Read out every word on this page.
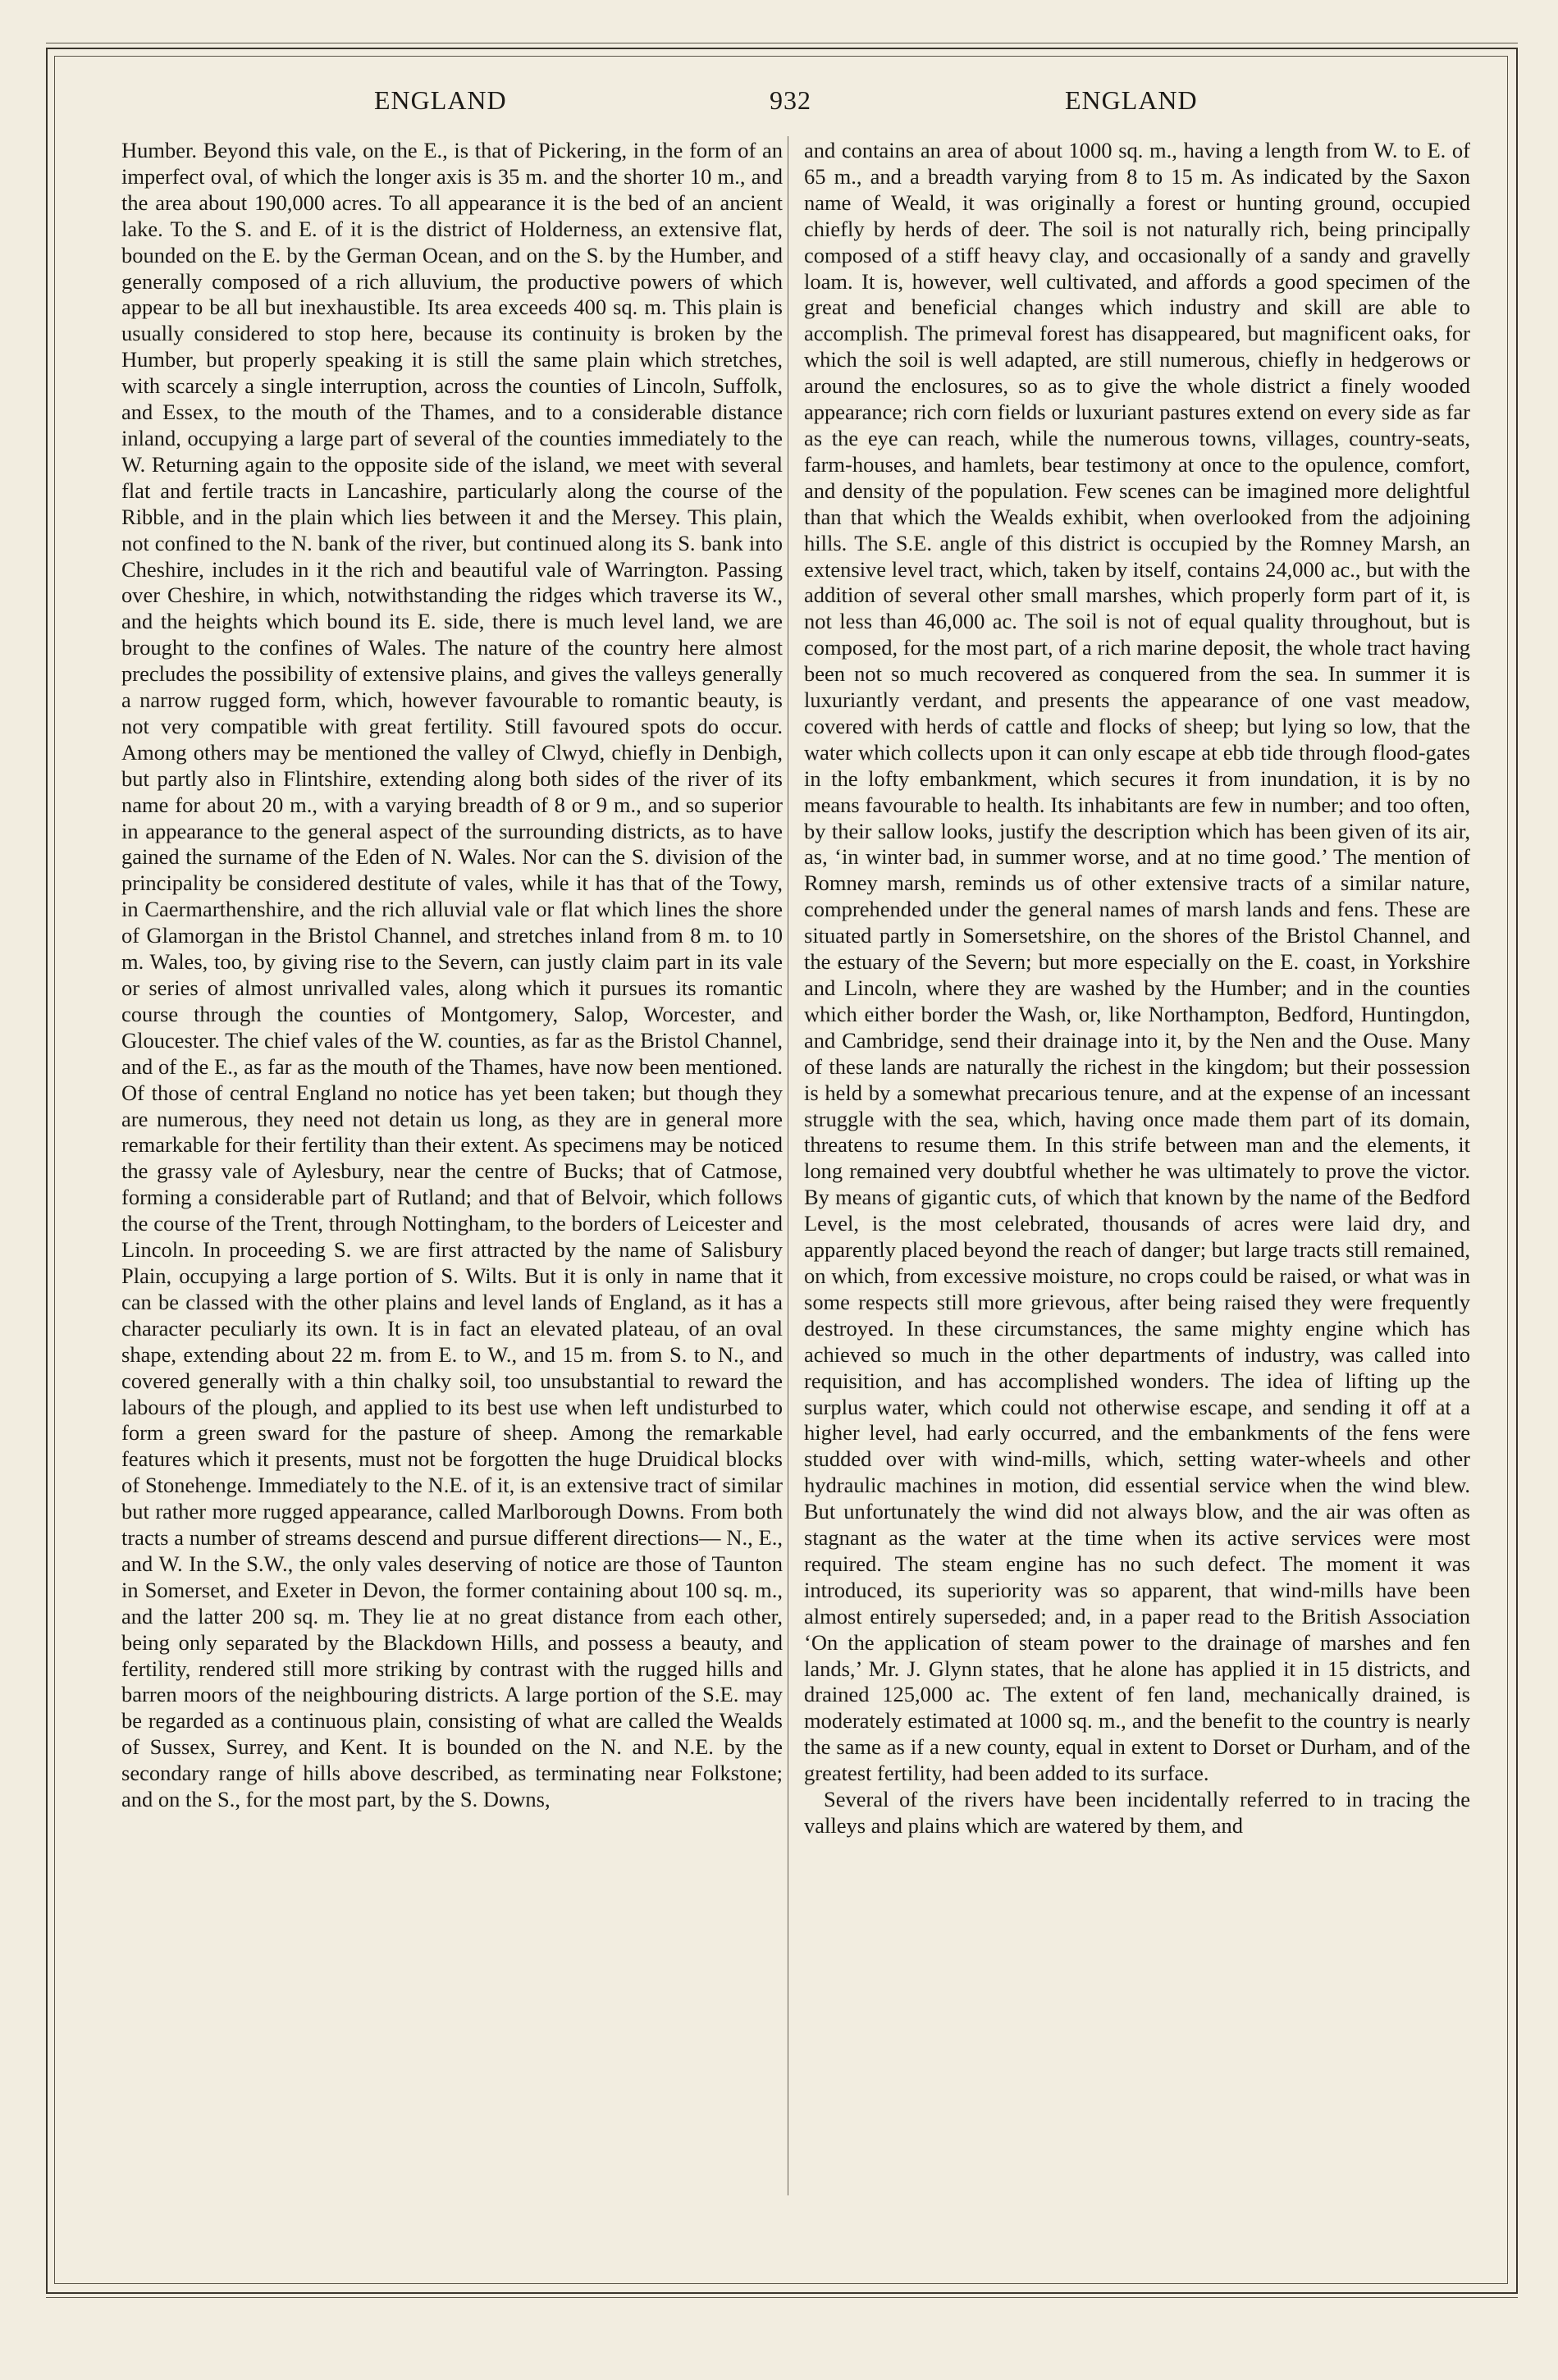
ENGLAND	932	ENGLAND

Humber. Beyond this vale, on the E., is that of Pickering, in the form of an imperfect oval, of which the longer axis is 35 m. and the shorter 10 m., and the area about 190,000 acres. To all appearance it is the bed of an ancient lake. To the S. and E. of it is the district of Holderness, an extensive flat, bounded on the E. by the German Ocean, and on the S. by the Humber, and generally composed of a rich alluvium, the productive powers of which appear to be all but inexhaustible. Its area exceeds 400 sq. m. This plain is usually considered to stop here, because its continuity is broken by the Humber, but properly speaking it is still the same plain which stretches, with scarcely a single interruption, across the counties of Lincoln, Suffolk, and Essex, to the mouth of the Thames, and to a considerable distance inland, occupying a large part of several of the counties immediately to the W. Returning again to the opposite side of the island, we meet with several flat and fertile tracts in Lancashire, particularly along the course of the Ribble, and in the plain which lies between it and the Mersey. This plain, not confined to the N. bank of the river, but continued along its S. bank into Cheshire, includes in it the rich and beautiful vale of Warrington. Passing over Cheshire, in which, notwithstanding the ridges which traverse its W., and the heights which bound its E. side, there is much level land, we are brought to the confines of Wales. The nature of the country here almost precludes the possibility of extensive plains, and gives the valleys generally a narrow rugged form, which, however favourable to romantic beauty, is not very compatible with great fertility. Still favoured spots do occur. Among others may be mentioned the valley of Clwyd, chiefly in Denbigh, but partly also in Flintshire, extending along both sides of the river of its name for about 20 m., with a varying breadth of 8 or 9 m., and so superior in appearance to the general aspect of the surrounding districts, as to have gained the surname of the Eden of N. Wales. Nor can the S. division of the principality be considered destitute of vales, while it has that of the Towy, in Caermarthenshire, and the rich alluvial vale or flat which lines the shore of Glamorgan in the Bristol Channel, and stretches inland from 8 m. to 10 m. Wales, too, by giving rise to the Severn, can justly claim part in its vale or series of almost unrivalled vales, along which it pursues its romantic course through the counties of Montgomery, Salop, Worcester, and Gloucester. The chief vales of the W. counties, as far as the Bristol Channel, and of the E., as far as the mouth of the Thames, have now been mentioned. Of those of central England no notice has yet been taken; but though they are numerous, they need not detain us long, as they are in general more remarkable for their fertility than their extent. As specimens may be noticed the grassy vale of Aylesbury, near the centre of Bucks; that of Catmose, forming a considerable part of Rutland; and that of Belvoir, which follows the course of the Trent, through Nottingham, to the borders of Leicester and Lincoln. In proceeding S. we are first attracted by the name of Salisbury Plain, occupying a large portion of S. Wilts. But it is only in name that it can be classed with the other plains and level lands of England, as it has a character peculiarly its own. It is in fact an elevated plateau, of an oval shape, extending about 22 m. from E. to W., and 15 m. from S. to N., and covered generally with a thin chalky soil, too unsubstantial to reward the labours of the plough, and applied to its best use when left undisturbed to form a green sward for the pasture of sheep. Among the remarkable features which it presents, must not be forgotten the huge Druidical blocks of Stonehenge. Immediately to the N.E. of it, is an extensive tract of similar but rather more rugged appearance, called Marlborough Downs. From both tracts a number of streams descend and pursue different directions— N., E., and W. In the S.W., the only vales deserving of notice are those of Taunton in Somerset, and Exeter in Devon, the former containing about 100 sq. m., and the latter 200 sq. m. They lie at no great distance from each other, being only separated by the Blackdown Hills, and possess a beauty, and fertility, rendered still more striking by contrast with the rugged hills and barren moors of the neighbouring districts. A large portion of the S.E. may be regarded as a continuous plain, consisting of what are called the Wealds of Sussex, Surrey, and Kent. It is bounded on the N. and N.E. by the secondary range of hills above described, as terminating near Folkstone; and on the S., for the most part, by the S. Downs,

and contains an area of about 1000 sq. m., having a length from W. to E. of 65 m., and a breadth varying from 8 to 15 m. As indicated by the Saxon name of Weald, it was originally a forest or hunting ground, occupied chiefly by herds of deer. The soil is not naturally rich, being principally composed of a stiff heavy clay, and occasionally of a sandy and gravelly loam. It is, however, well cultivated, and affords a good specimen of the great and beneficial changes which industry and skill are able to accomplish. The primeval forest has disappeared, but magnificent oaks, for which the soil is well adapted, are still numerous, chiefly in hedgerows or around the enclosures, so as to give the whole district a finely wooded appearance; rich corn fields or luxuriant pastures extend on every side as far as the eye can reach, while the numerous towns, villages, country-seats, farm-houses, and hamlets, bear testimony at once to the opulence, comfort, and density of the population. Few scenes can be imagined more delightful than that which the Wealds exhibit, when overlooked from the adjoining hills. The S.E. angle of this district is occupied by the Romney Marsh, an extensive level tract, which, taken by itself, contains 24,000 ac., but with the addition of several other small marshes, which properly form part of it, is not less than 46,000 ac. The soil is not of equal quality throughout, but is composed, for the most part, of a rich marine deposit, the whole tract having been not so much recovered as conquered from the sea. In summer it is luxuriantly verdant, and presents the appearance of one vast meadow, covered with herds of cattle and flocks of sheep; but lying so low, that the water which collects upon it can only escape at ebb tide through flood-gates in the lofty embankment, which secures it from inundation, it is by no means favourable to health. Its inhabitants are few in number; and too often, by their sallow looks, justify the description which has been given of its air, as, ‘in winter bad, in summer worse, and at no time good.’ The mention of Romney marsh, reminds us of other extensive tracts of a similar nature, comprehended under the general names of marsh lands and fens. These are situated partly in Somersetshire, on the shores of the Bristol Channel, and the estuary of the Severn; but more especially on the E. coast, in Yorkshire and Lincoln, where they are washed by the Humber; and in the counties which either border the Wash, or, like Northampton, Bedford, Huntingdon, and Cambridge, send their drainage into it, by the Nen and the Ouse. Many of these lands are naturally the richest in the kingdom; but their possession is held by a somewhat precarious tenure, and at the expense of an incessant struggle with the sea, which, having once made them part of its domain, threatens to resume them. In this strife between man and the elements, it long remained very doubtful whether he was ultimately to prove the victor. By means of gigantic cuts, of which that known by the name of the Bedford Level, is the most celebrated, thousands of acres were laid dry, and apparently placed beyond the reach of danger; but large tracts still remained, on which, from excessive moisture, no crops could be raised, or what was in some respects still more grievous, after being raised they were frequently destroyed. In these circumstances, the same mighty engine which has achieved so much in the other departments of industry, was called into requisition, and has accomplished wonders. The idea of lifting up the surplus water, which could not otherwise escape, and sending it off at a higher level, had early occurred, and the embankments of the fens were studded over with wind-mills, which, setting water-wheels and other hydraulic machines in motion, did essential service when the wind blew. But unfortunately the wind did not always blow, and the air was often as stagnant as the water at the time when its active services were most required. The steam engine has no such defect. The moment it was introduced, its superiority was so apparent, that wind-mills have been almost entirely superseded; and, in a paper read to the British Association ‘On the application of steam power to the drainage of marshes and fen lands,’ Mr. J. Glynn states, that he alone has applied it in 15 districts, and drained 125,000 ac. The extent of fen land, mechanically drained, is moderately estimated at 1000 sq. m., and the benefit to the country is nearly the same as if a new county, equal in extent to Dorset or Durham, and of the greatest fertility, had been added to its surface.

Several of the rivers have been incidentally referred to in tracing the valleys and plains which are watered by them, and
